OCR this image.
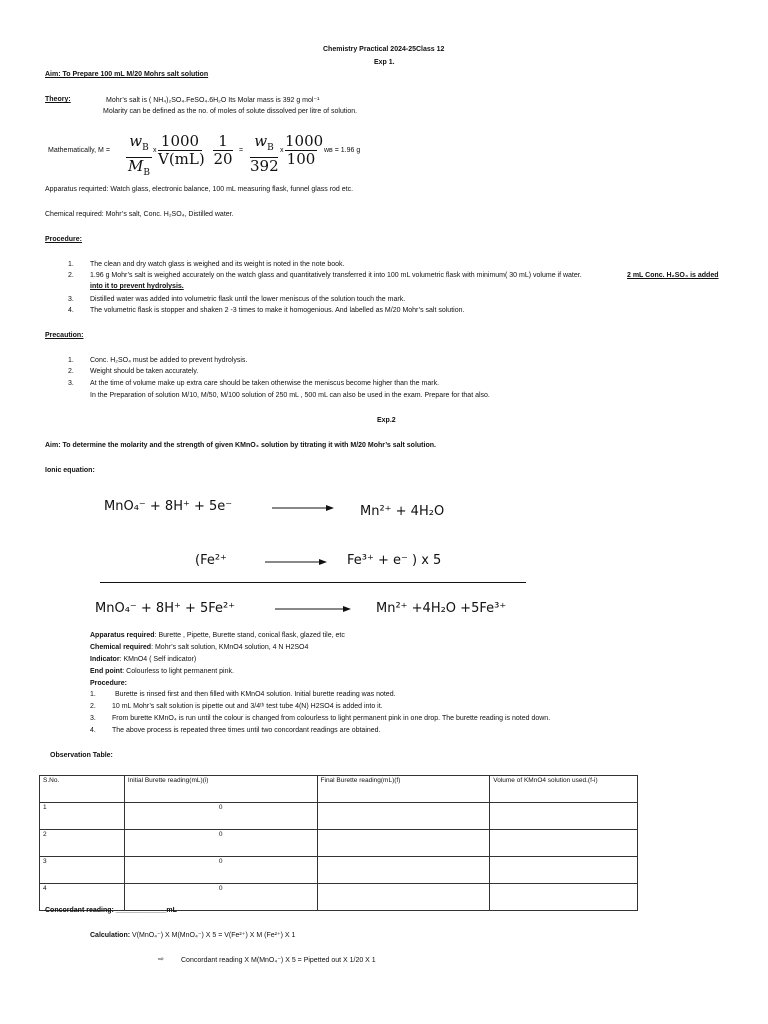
Chemistry Practical 2024-25Class 12
Exp 1.
Aim: To Prepare 100 mL M/20 Mohrs salt solution
Theory:	Mohr’s salt is ( NH₄)₂SO₄.FeSO₄.6H₂O Its Molar mass is 392 g mol⁻¹
Molarity can be defined as the no. of moles of solute dissolved per litre of solution.
Mathematically, $M = \frac{w_B}{M_B}$ x $\frac{1000}{V(mL)} \frac{1}{20} = \frac{w_B}{392}$ x $\frac{1000}{100}$ wʙ = 1.96 g
Apparatus requirted: Watch glass, electronic balance, 100 mL measuring flask, funnel glass rod etc.
Chemical required: Mohr’s salt, Conc. H₂SO₄, Distilled water.
Procedure:
1. The clean and dry watch glass is weighed and its weight is noted in the note book.
2. 1.96 g Mohr’s salt is weighed accurately on the watch glass and quantitatively transferred it into 100 mL volumetric flask with minimum( 30 mL) volume if water.	2 mL Conc. H₂SO₄ is added
into it to prevent hydrolysis.
3. Distilled water was added into volumetric flask until the lower meniscus of the solution touch the mark.
4. The volumetric flask is stopper and shaken 2 -3 times to make it homogenious. And labelled as M/20 Mohr’s salt solution.
Precaution:
1. Conc. H₂SO₄ must be added to prevent hydrolysis.
2. Weight should be taken accurately.
3. At the time of volume make up extra care should be taken otherwise the meniscus become higher than the mark.
In the Preparation of solution M/10, M/50, M/100 solution of 250 mL , 500 mL can also be used in the exam. Prepare for that also.
Exp.2
Aim: To determine the molarity and the strength of given KMnO₄ solution by titrating it with M/20 Mohr’s salt solution.
Ionic equation:
MnO₄⁻ + 8H⁺ + 5e⁻	Mn²⁺ + 4H₂O
(Fe²⁺	Fe³⁺ + e⁻ ) x 5
MnO₄⁻ + 8H⁺ + 5Fe²⁺	Mn²⁺ +4H₂O +5Fe³⁺
Apparatus required: Burette , Pipette, Burette stand, conical flask, glazed tile, etc
Chemical required: Mohr’s salt solution, KMnO4 solution, 4 N H2SO4
Indicator: KMnO4 ( Self indicator)
End point: Colourless to light permanent pink.
Procedure:
1.	Burette is rinsed first and then filled with KMnO4 solution. Initial burette reading was noted.
2. 10 mL Mohr’s salt solution is pipette out and 3/4ᵗʰ test tube 4(N) H2SO4 is added into it.
3. From burette KMnO₄ is run until the colour is changed from colourless to light permanent pink in one drop. The burette reading is noted down.
4. The above process is repeated three times until two concordant readings are obtained.
Observation Table:
S.No.	Initial Burette reading(mL)(i)	Final Burette reading(mL)(f)	Volume of KMnO4 solution used.(f-i)
1	0		
2	0		
3	0		
4	0		
Concordant reading: _____________mL
Calculation: V(MnO₄⁻) X M(MnO₄⁻) X 5 = V(Fe²⁺) X M (Fe²⁺) X 1
⇨ Concordant reading X M(MnO₄⁻) X 5 = Pipetted out X 1/20 X 1
